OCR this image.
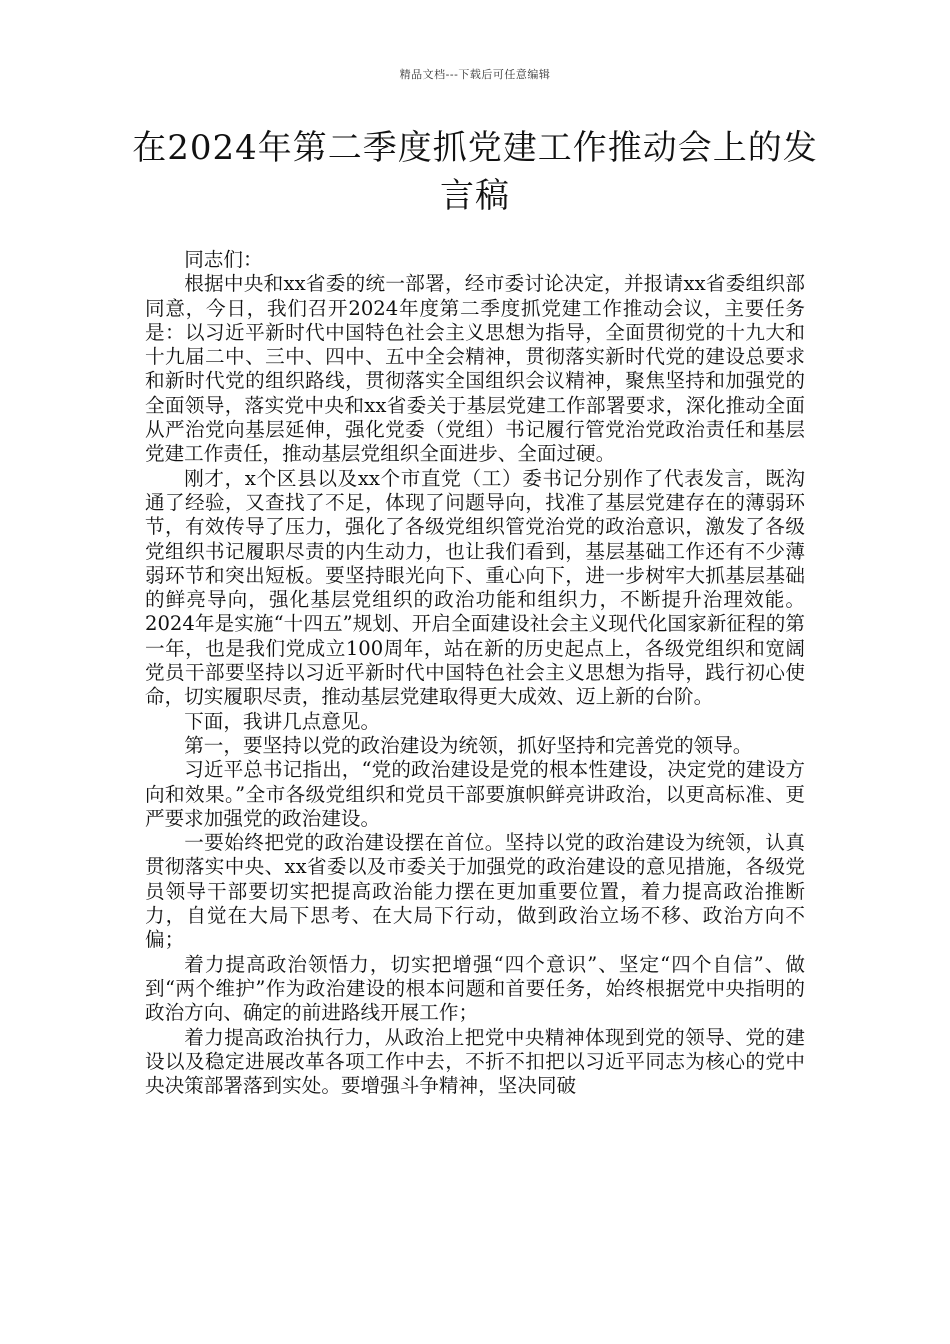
精品文档---下载后可任意编辑
在2024年第二季度抓党建工作推动会上的发言稿

同志们：

根据中央和xx省委的统一部署，经市委讨论决定，并报请xx省委组织部同意，今日，我们召开2024年度第二季度抓党建工作推动会议，主要任务是：以习近平新时代中国特色社会主义思想为指导，全面贯彻党的十九大和十九届二中、三中、四中、五中全会精神，贯彻落实新时代党的建设总要求和新时代党的组织路线，贯彻落实全国组织会议精神，聚焦坚持和加强党的全面领导，落实党中央和xx省委关于基层党建工作部署要求，深化推动全面从严治党向基层延伸，强化党委（党组）书记履行管党治党政治责任和基层党建工作责任，推动基层党组织全面进步、全面过硬。

刚才，x个区县以及xx个市直党（工）委书记分别作了代表发言，既沟通了经验，又查找了不足，体现了问题导向，找准了基层党建存在的薄弱环节，有效传导了压力，强化了各级党组织管党治党的政治意识，激发了各级党组织书记履职尽责的内生动力，也让我们看到，基层基础工作还有不少薄弱环节和突出短板。要坚持眼光向下、重心向下，进一步树牢大抓基层基础的鲜亮导向，强化基层党组织的政治功能和组织力，不断提升治理效能。2024年是实施“十四五”规划、开启全面建设社会主义现代化国家新征程的第一年，也是我们党成立100周年，站在新的历史起点上，各级党组织和宽阔党员干部要坚持以习近平新时代中国特色社会主义思想为指导，践行初心使命，切实履职尽责，推动基层党建取得更大成效、迈上新的台阶。

下面，我讲几点意见。

第一，要坚持以党的政治建设为统领，抓好坚持和完善党的领导。

习近平总书记指出，“党的政治建设是党的根本性建设，决定党的建设方向和效果。”全市各级党组织和党员干部要旗帜鲜亮讲政治，以更高标准、更严要求加强党的政治建设。

一要始终把党的政治建设摆在首位。坚持以党的政治建设为统领，认真贯彻落实中央、xx省委以及市委关于加强党的政治建设的意见措施，各级党员领导干部要切实把提高政治能力摆在更加重要位置，着力提高政治推断力，自觉在大局下思考、在大局下行动，做到政治立场不移、政治方向不偏；

着力提高政治领悟力，切实把增强“四个意识”、坚定“四个自信”、做到“两个维护”作为政治建设的根本问题和首要任务，始终根据党中央指明的政治方向、确定的前进路线开展工作；

着力提高政治执行力，从政治上把党中央精神体现到党的领导、党的建设以及稳定进展改革各项工作中去，不折不扣把以习近平同志为核心的党中央决策部署落到实处。要增强斗争精神，坚决同破
